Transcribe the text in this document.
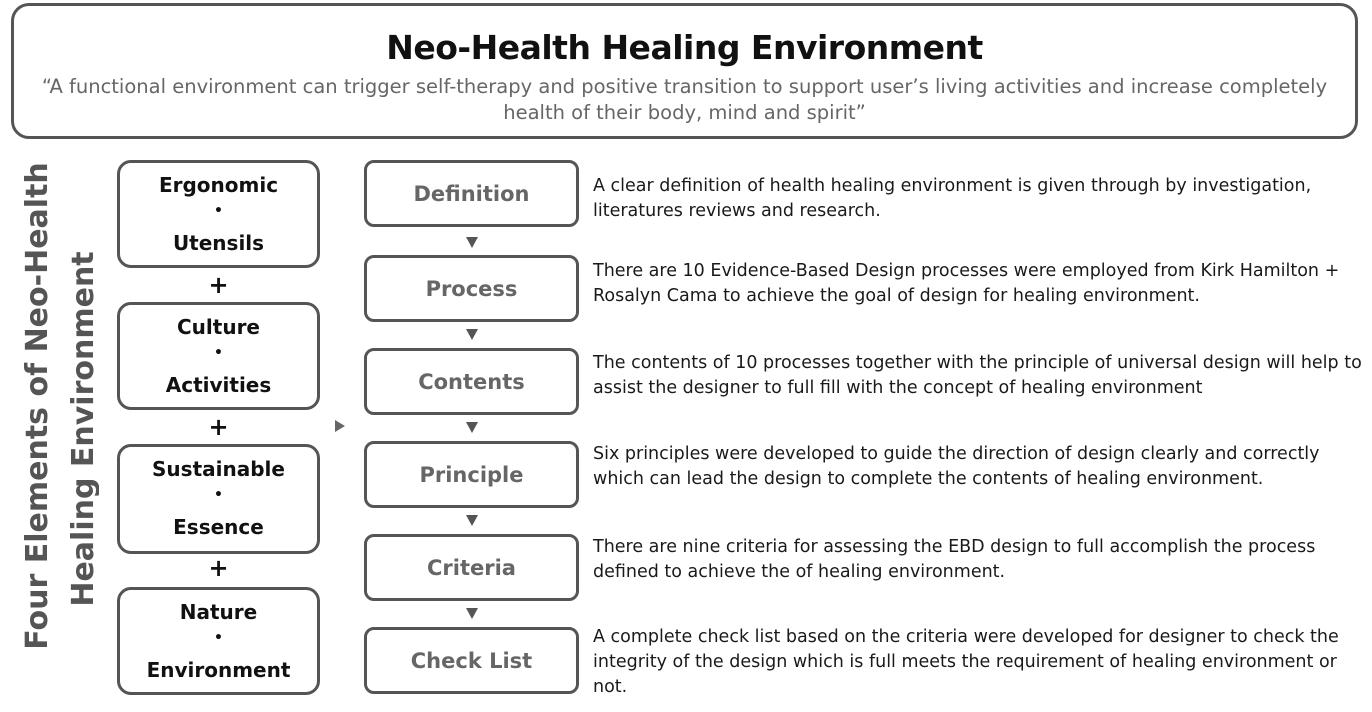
Neo-Health Healing Environment
“A functional environment can trigger self-therapy and positive transition to support user’s living activities and increase completely health of their body, mind and spirit”
Four Elements of Neo-Health Healing Environment
Ergonomic
•
Utensils
+
Culture
•
Activities
+
Sustainable
•
Essence
+
Nature
•
Environment
Definition
Process
Contents
Principle
Criteria
Check List
A clear definition of health healing environment is given through by investigation, literatures reviews and research.
There are 10 Evidence-Based Design processes were employed from Kirk Hamilton + Rosalyn Cama to achieve the goal of design for healing environment.
The contents of 10 processes together with the principle of universal design will help to assist the designer to full fill with the concept of healing environment
Six principles were developed to guide the direction of design clearly and correctly which can lead the design to complete the contents of healing environment.
There are nine criteria for assessing the EBD design to full accomplish the process defined to achieve the of healing environment.
A complete check list based on the criteria were developed for designer to check the integrity of the design which is full meets the requirement of healing environment or not.
